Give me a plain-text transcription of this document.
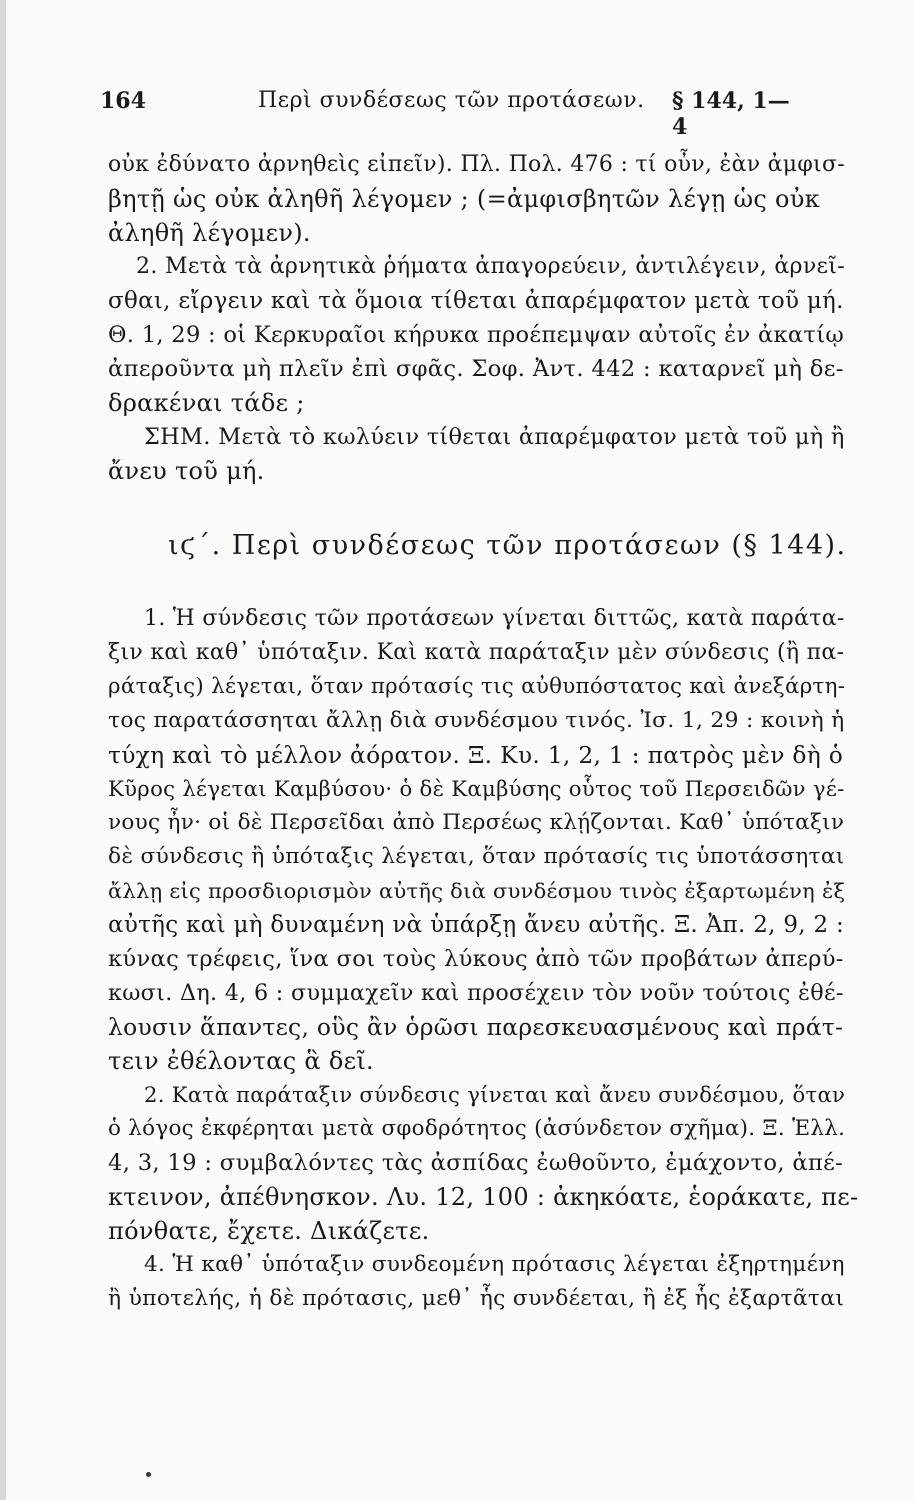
164	Περὶ συνδέσεως τῶν προτάσεων. § 144, 1—4
οὐκ ἐδύνατο ἀρνηθεὶς εἰπεῖν). Πλ. Πολ. 476 : τί οὖν, ἐὰν ἀμφισ-
βητῇ ὡς οὐκ ἀληθῆ λέγομεν ; (=ἀμφισβητῶν λέγῃ ὡς οὐκ
ἀληθῆ λέγομεν).
2. Μετὰ τὰ ἀρνητικὰ ῥήματα ἀπαγορεύειν, ἀντιλέγειν, ἀρνεῖ-
σθαι, εἴργειν καὶ τὰ ὅμοια τίθεται ἀπαρέμφατον μετὰ τοῦ μή.
Θ. 1, 29 : οἱ Κερκυραῖοι κήρυκα προέπεμψαν αὐτοῖς ἐν ἀκατίῳ
ἀπεροῦντα μὴ πλεῖν ἐπὶ σφᾶς. Σοφ. Ἀντ. 442 : καταρνεῖ μὴ δε-
δρακέναι τάδε ;
ΣΗΜ. Μετὰ τὸ κωλύειν τίθεται ἀπαρέμφατον μετὰ τοῦ μὴ ἢ
ἄνευ τοῦ μή.
ιϛ΄. Περὶ συνδέσεως τῶν προτάσεων (§ 144).
1. Ἡ σύνδεσις τῶν προτάσεων γίνεται διττῶς, κατὰ παράτα-
ξιν καὶ καθ᾽ ὑπόταξιν. Καὶ κατὰ παράταξιν μὲν σύνδεσις (ἢ πα-
ράταξις) λέγεται, ὅταν πρότασίς τις αὐθυπόστατος καὶ ἀνεξάρτη-
τος παρατάσσηται ἄλλῃ διὰ συνδέσμου τινός. Ἰσ. 1, 29 : κοινὴ ἡ
τύχη καὶ τὸ μέλλον ἀόρατον. Ξ. Κυ. 1, 2, 1 : πατρὸς μὲν δὴ ὁ
Κῦρος λέγεται Καμβύσου· ὁ δὲ Καμβύσης οὗτος τοῦ Περσειδῶν γέ-
νους ἦν· οἱ δὲ Περσεῖδαι ἀπὸ Περσέως κλῄζονται. Καθ᾽ ὑπόταξιν
δὲ σύνδεσις ἢ ὑπόταξις λέγεται, ὅταν πρότασίς τις ὑποτάσσηται
ἄλλῃ εἰς προσδιορισμὸν αὐτῆς διὰ συνδέσμου τινὸς ἐξαρτωμένη ἐξ
αὐτῆς καὶ μὴ δυναμένη νὰ ὑπάρξῃ ἄνευ αὐτῆς. Ξ. Ἀπ. 2, 9, 2 :
κύνας τρέφεις, ἵνα σοι τοὺς λύκους ἀπὸ τῶν προβάτων ἀπερύ-
κωσι. Δη. 4, 6 : συμμαχεῖν καὶ προσέχειν τὸν νοῦν τούτοις ἐθέ-
λουσιν ἅπαντες, οὓς ἂν ὁρῶσι παρεσκευασμένους καὶ πράτ-
τειν ἐθέλοντας ἃ δεῖ.
2. Κατὰ παράταξιν σύνδεσις γίνεται καὶ ἄνευ συνδέσμου, ὅταν
ὁ λόγος ἐκφέρηται μετὰ σφοδρότητος (ἀσύνδετον σχῆμα). Ξ. Ἑλλ.
4, 3, 19 : συμβαλόντες τὰς ἀσπίδας ἐωθοῦντο, ἐμάχοντο, ἀπέ-
κτεινον, ἀπέθνησκον. Λυ. 12, 100 : ἀκηκόατε, ἑοράκατε, πε-
πόνθατε, ἔχετε. Δικάζετε.
4. Ἡ καθ᾽ ὑπόταξιν συνδεομένη πρότασις λέγεται ἐξηρτημένη
ἢ ὑποτελής, ἡ δὲ πρότασις, μεθ᾽ ἧς συνδέεται, ἢ ἐξ ἧς ἐξαρτᾶται
